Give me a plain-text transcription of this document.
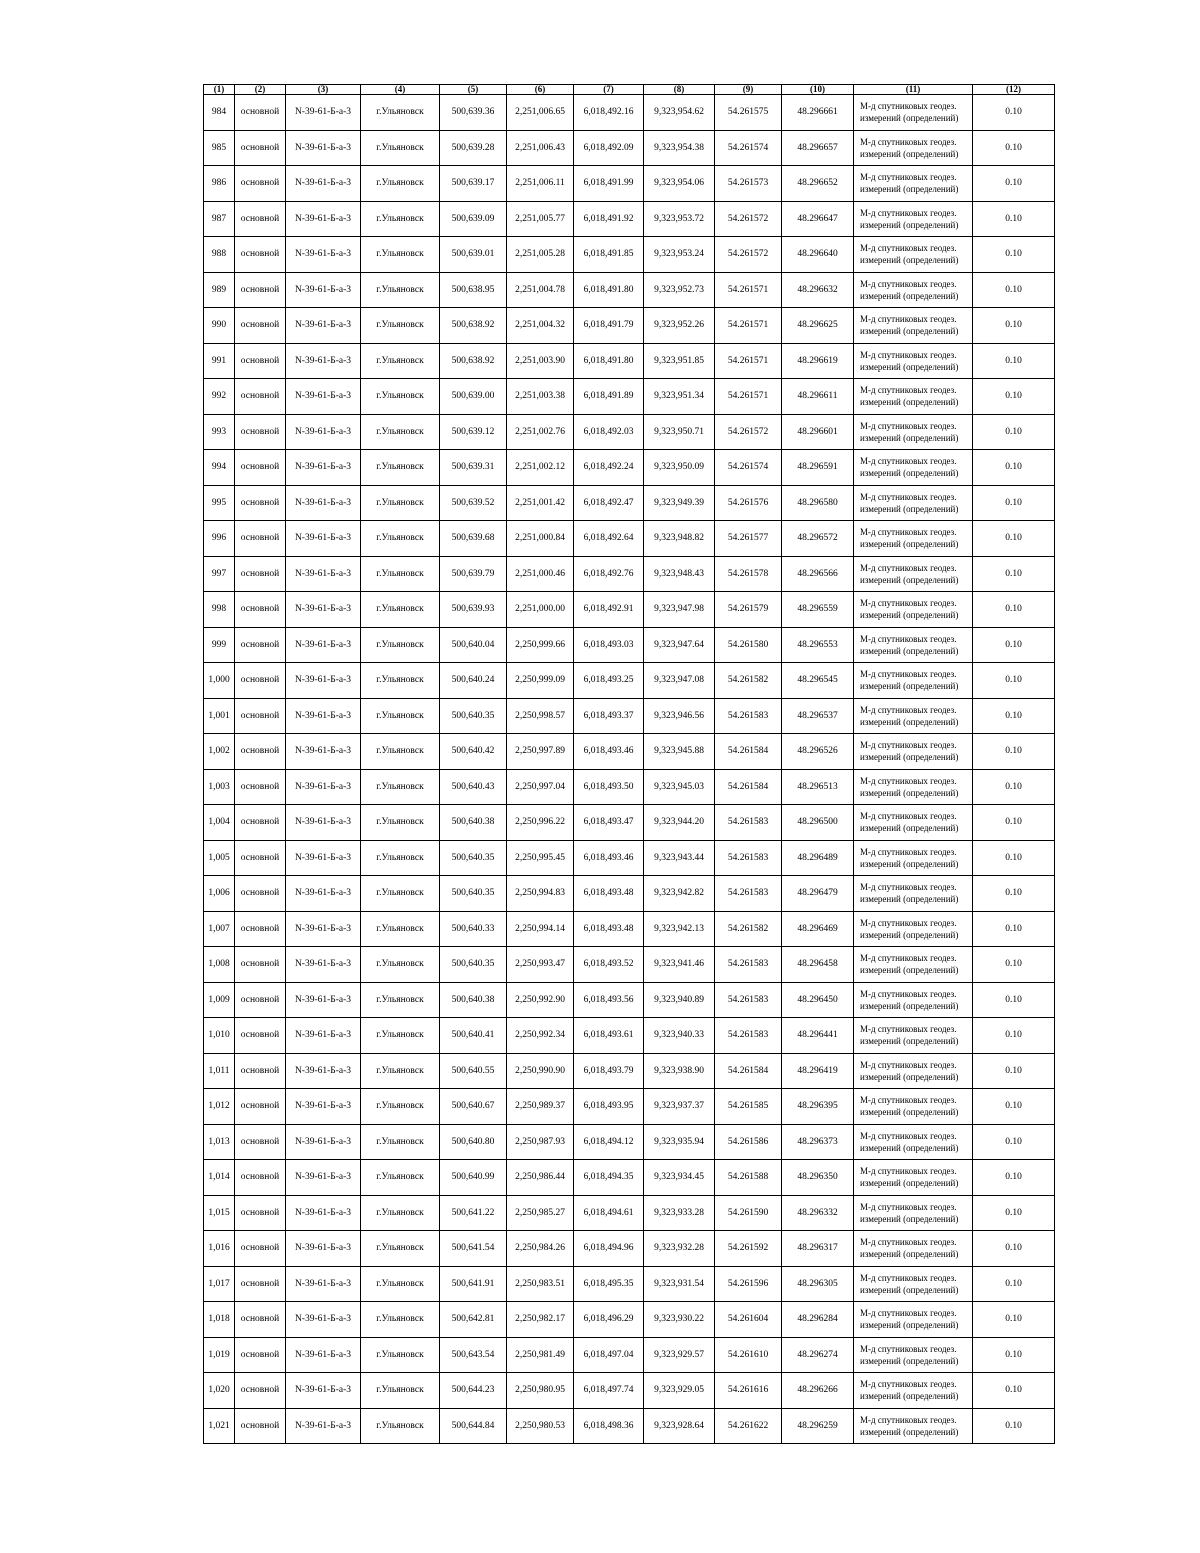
(1)	(2)	(3)	(4)	(5)	(6)	(7)	(8)	(9)	(10)	(11)	(12)
984	основной	N-39-61-Б-а-3	г.Ульяновск	500,639.36	2,251,006.65	6,018,492.16	9,323,954.62	54.261575	48.296661	М-д спутниковых геодез. измерений (определений)	0.10
985	основной	N-39-61-Б-а-3	г.Ульяновск	500,639.28	2,251,006.43	6,018,492.09	9,323,954.38	54.261574	48.296657	М-д спутниковых геодез. измерений (определений)	0.10
986	основной	N-39-61-Б-а-3	г.Ульяновск	500,639.17	2,251,006.11	6,018,491.99	9,323,954.06	54.261573	48.296652	М-д спутниковых геодез. измерений (определений)	0.10
987	основной	N-39-61-Б-а-3	г.Ульяновск	500,639.09	2,251,005.77	6,018,491.92	9,323,953.72	54.261572	48.296647	М-д спутниковых геодез. измерений (определений)	0.10
988	основной	N-39-61-Б-а-3	г.Ульяновск	500,639.01	2,251,005.28	6,018,491.85	9,323,953.24	54.261572	48.296640	М-д спутниковых геодез. измерений (определений)	0.10
989	основной	N-39-61-Б-а-3	г.Ульяновск	500,638.95	2,251,004.78	6,018,491.80	9,323,952.73	54.261571	48.296632	М-д спутниковых геодез. измерений (определений)	0.10
990	основной	N-39-61-Б-а-3	г.Ульяновск	500,638.92	2,251,004.32	6,018,491.79	9,323,952.26	54.261571	48.296625	М-д спутниковых геодез. измерений (определений)	0.10
991	основной	N-39-61-Б-а-3	г.Ульяновск	500,638.92	2,251,003.90	6,018,491.80	9,323,951.85	54.261571	48.296619	М-д спутниковых геодез. измерений (определений)	0.10
992	основной	N-39-61-Б-а-3	г.Ульяновск	500,639.00	2,251,003.38	6,018,491.89	9,323,951.34	54.261571	48.296611	М-д спутниковых геодез. измерений (определений)	0.10
993	основной	N-39-61-Б-а-3	г.Ульяновск	500,639.12	2,251,002.76	6,018,492.03	9,323,950.71	54.261572	48.296601	М-д спутниковых геодез. измерений (определений)	0.10
994	основной	N-39-61-Б-а-3	г.Ульяновск	500,639.31	2,251,002.12	6,018,492.24	9,323,950.09	54.261574	48.296591	М-д спутниковых геодез. измерений (определений)	0.10
995	основной	N-39-61-Б-а-3	г.Ульяновск	500,639.52	2,251,001.42	6,018,492.47	9,323,949.39	54.261576	48.296580	М-д спутниковых геодез. измерений (определений)	0.10
996	основной	N-39-61-Б-а-3	г.Ульяновск	500,639.68	2,251,000.84	6,018,492.64	9,323,948.82	54.261577	48.296572	М-д спутниковых геодез. измерений (определений)	0.10
997	основной	N-39-61-Б-а-3	г.Ульяновск	500,639.79	2,251,000.46	6,018,492.76	9,323,948.43	54.261578	48.296566	М-д спутниковых геодез. измерений (определений)	0.10
998	основной	N-39-61-Б-а-3	г.Ульяновск	500,639.93	2,251,000.00	6,018,492.91	9,323,947.98	54.261579	48.296559	М-д спутниковых геодез. измерений (определений)	0.10
999	основной	N-39-61-Б-а-3	г.Ульяновск	500,640.04	2,250,999.66	6,018,493.03	9,323,947.64	54.261580	48.296553	М-д спутниковых геодез. измерений (определений)	0.10
1,000	основной	N-39-61-Б-а-3	г.Ульяновск	500,640.24	2,250,999.09	6,018,493.25	9,323,947.08	54.261582	48.296545	М-д спутниковых геодез. измерений (определений)	0.10
1,001	основной	N-39-61-Б-а-3	г.Ульяновск	500,640.35	2,250,998.57	6,018,493.37	9,323,946.56	54.261583	48.296537	М-д спутниковых геодез. измерений (определений)	0.10
1,002	основной	N-39-61-Б-а-3	г.Ульяновск	500,640.42	2,250,997.89	6,018,493.46	9,323,945.88	54.261584	48.296526	М-д спутниковых геодез. измерений (определений)	0.10
1,003	основной	N-39-61-Б-а-3	г.Ульяновск	500,640.43	2,250,997.04	6,018,493.50	9,323,945.03	54.261584	48.296513	М-д спутниковых геодез. измерений (определений)	0.10
1,004	основной	N-39-61-Б-а-3	г.Ульяновск	500,640.38	2,250,996.22	6,018,493.47	9,323,944.20	54.261583	48.296500	М-д спутниковых геодез. измерений (определений)	0.10
1,005	основной	N-39-61-Б-а-3	г.Ульяновск	500,640.35	2,250,995.45	6,018,493.46	9,323,943.44	54.261583	48.296489	М-д спутниковых геодез. измерений (определений)	0.10
1,006	основной	N-39-61-Б-а-3	г.Ульяновск	500,640.35	2,250,994.83	6,018,493.48	9,323,942.82	54.261583	48.296479	М-д спутниковых геодез. измерений (определений)	0.10
1,007	основной	N-39-61-Б-а-3	г.Ульяновск	500,640.33	2,250,994.14	6,018,493.48	9,323,942.13	54.261582	48.296469	М-д спутниковых геодез. измерений (определений)	0.10
1,008	основной	N-39-61-Б-а-3	г.Ульяновск	500,640.35	2,250,993.47	6,018,493.52	9,323,941.46	54.261583	48.296458	М-д спутниковых геодез. измерений (определений)	0.10
1,009	основной	N-39-61-Б-а-3	г.Ульяновск	500,640.38	2,250,992.90	6,018,493.56	9,323,940.89	54.261583	48.296450	М-д спутниковых геодез. измерений (определений)	0.10
1,010	основной	N-39-61-Б-а-3	г.Ульяновск	500,640.41	2,250,992.34	6,018,493.61	9,323,940.33	54.261583	48.296441	М-д спутниковых геодез. измерений (определений)	0.10
1,011	основной	N-39-61-Б-а-3	г.Ульяновск	500,640.55	2,250,990.90	6,018,493.79	9,323,938.90	54.261584	48.296419	М-д спутниковых геодез. измерений (определений)	0.10
1,012	основной	N-39-61-Б-а-3	г.Ульяновск	500,640.67	2,250,989.37	6,018,493.95	9,323,937.37	54.261585	48.296395	М-д спутниковых геодез. измерений (определений)	0.10
1,013	основной	N-39-61-Б-а-3	г.Ульяновск	500,640.80	2,250,987.93	6,018,494.12	9,323,935.94	54.261586	48.296373	М-д спутниковых геодез. измерений (определений)	0.10
1,014	основной	N-39-61-Б-а-3	г.Ульяновск	500,640.99	2,250,986.44	6,018,494.35	9,323,934.45	54.261588	48.296350	М-д спутниковых геодез. измерений (определений)	0.10
1,015	основной	N-39-61-Б-а-3	г.Ульяновск	500,641.22	2,250,985.27	6,018,494.61	9,323,933.28	54.261590	48.296332	М-д спутниковых геодез. измерений (определений)	0.10
1,016	основной	N-39-61-Б-а-3	г.Ульяновск	500,641.54	2,250,984.26	6,018,494.96	9,323,932.28	54.261592	48.296317	М-д спутниковых геодез. измерений (определений)	0.10
1,017	основной	N-39-61-Б-а-3	г.Ульяновск	500,641.91	2,250,983.51	6,018,495.35	9,323,931.54	54.261596	48.296305	М-д спутниковых геодез. измерений (определений)	0.10
1,018	основной	N-39-61-Б-а-3	г.Ульяновск	500,642.81	2,250,982.17	6,018,496.29	9,323,930.22	54.261604	48.296284	М-д спутниковых геодез. измерений (определений)	0.10
1,019	основной	N-39-61-Б-а-3	г.Ульяновск	500,643.54	2,250,981.49	6,018,497.04	9,323,929.57	54.261610	48.296274	М-д спутниковых геодез. измерений (определений)	0.10
1,020	основной	N-39-61-Б-а-3	г.Ульяновск	500,644.23	2,250,980.95	6,018,497.74	9,323,929.05	54.261616	48.296266	М-д спутниковых геодез. измерений (определений)	0.10
1,021	основной	N-39-61-Б-а-3	г.Ульяновск	500,644.84	2,250,980.53	6,018,498.36	9,323,928.64	54.261622	48.296259	М-д спутниковых геодез. измерений (определений)	0.10
